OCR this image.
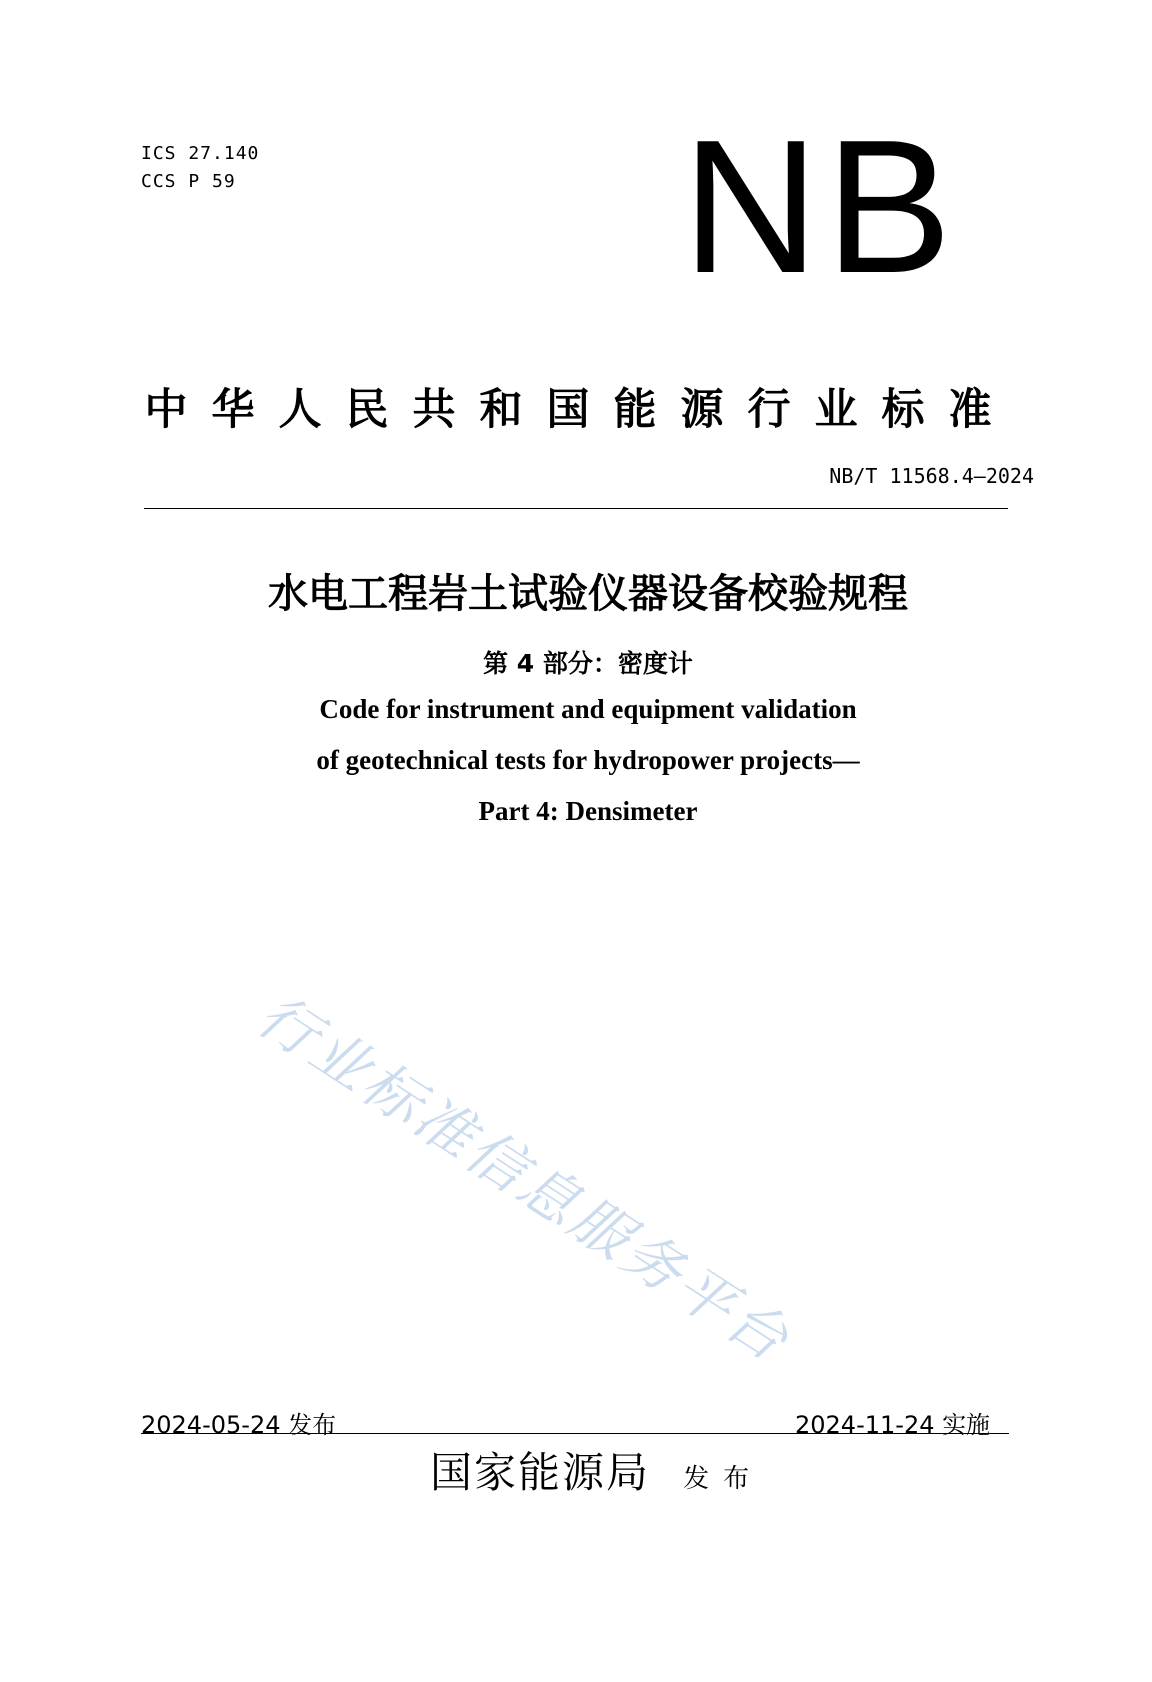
ICS 27.140
CCS P 59 NB
中华人民共和国能源行业标准
NB/T 11568.4—2024
水电工程岩土试验仪器设备校验规程
第 4 部分：密度计
Code for instrument and equipment validation
of geotechnical tests for hydropower projects—
Part 4: Densimeter
行业标准信息服务平台
2024-05-24 发布	2024-11-24 实施
国家能源局 发布
